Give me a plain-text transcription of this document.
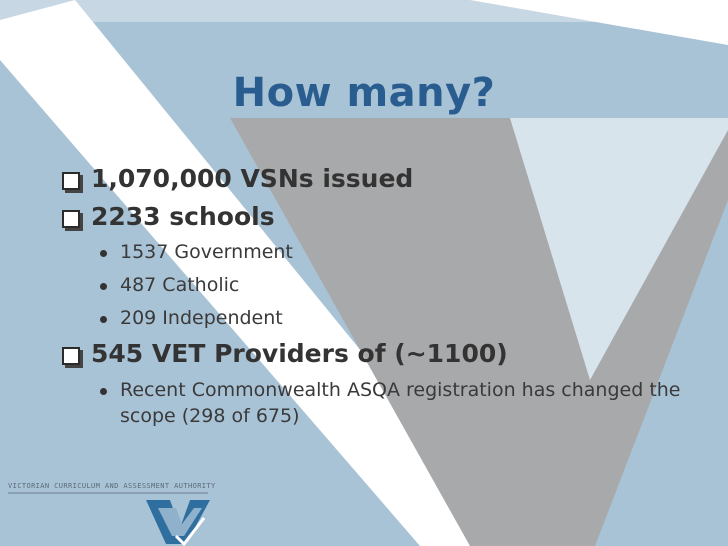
How many?
1,070,000 VSNs issued
2233 schools
1537 Government
487 Catholic
209 Independent
545 VET Providers of (~1100)
Recent Commonwealth ASQA registration has changed the scope (298 of 675)
VICTORIAN CURRICULUM AND ASSESSMENT AUTHORITY
